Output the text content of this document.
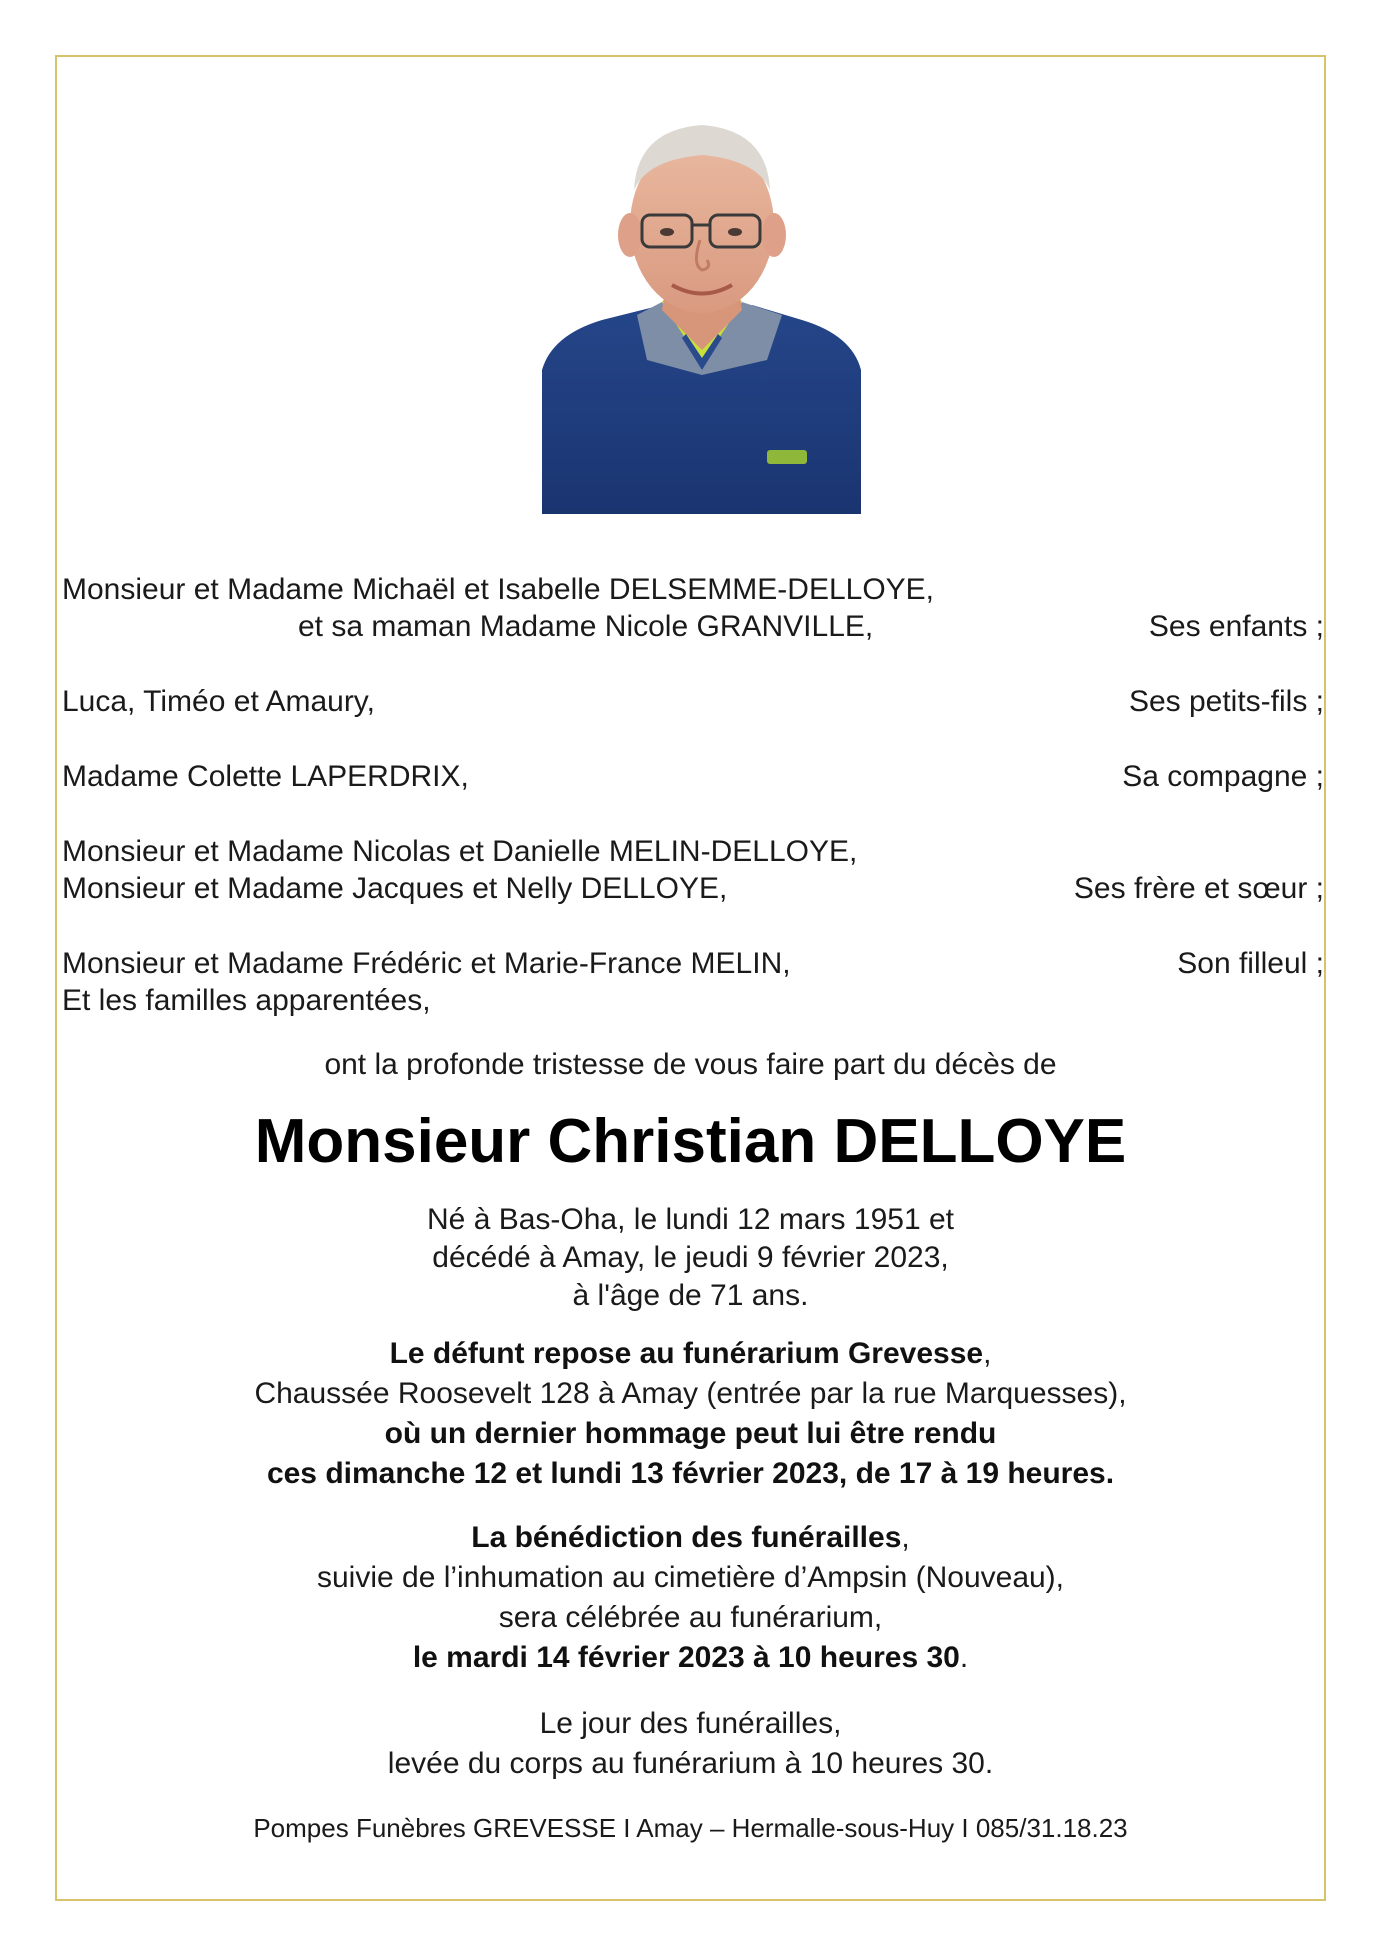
Monsieur et Madame Michaël et Isabelle DELSEMME-DELLOYE,
et sa maman Madame Nicole GRANVILLE,	Ses enfants ;
Luca, Timéo et Amaury,	Ses petits-fils ;
Madame Colette LAPERDRIX,	Sa compagne ;
Monsieur et Madame Nicolas et Danielle MELIN-DELLOYE,
Monsieur et Madame Jacques et Nelly DELLOYE,	Ses frère et sœur ;
Monsieur et Madame Frédéric et Marie-France MELIN,	Son filleul ;
Et les familles apparentées,
ont la profonde tristesse de vous faire part du décès de
Monsieur Christian DELLOYE
Né à Bas-Oha, le lundi 12 mars 1951 et
décédé à Amay, le jeudi 9 février 2023,
à l'âge de 71 ans.
Le défunt repose au funérarium Grevesse,
Chaussée Roosevelt 128 à Amay (entrée par la rue Marquesses),
où un dernier hommage peut lui être rendu
ces dimanche 12 et lundi 13 février 2023, de 17 à 19 heures.
La bénédiction des funérailles,
suivie de l’inhumation au cimetière d’Ampsin (Nouveau),
sera célébrée au funérarium,
le mardi 14 février 2023 à 10 heures 30.
Le jour des funérailles,
levée du corps au funérarium à 10 heures 30.
Pompes Funèbres GREVESSE I Amay – Hermalle-sous-Huy I 085/31.18.23
